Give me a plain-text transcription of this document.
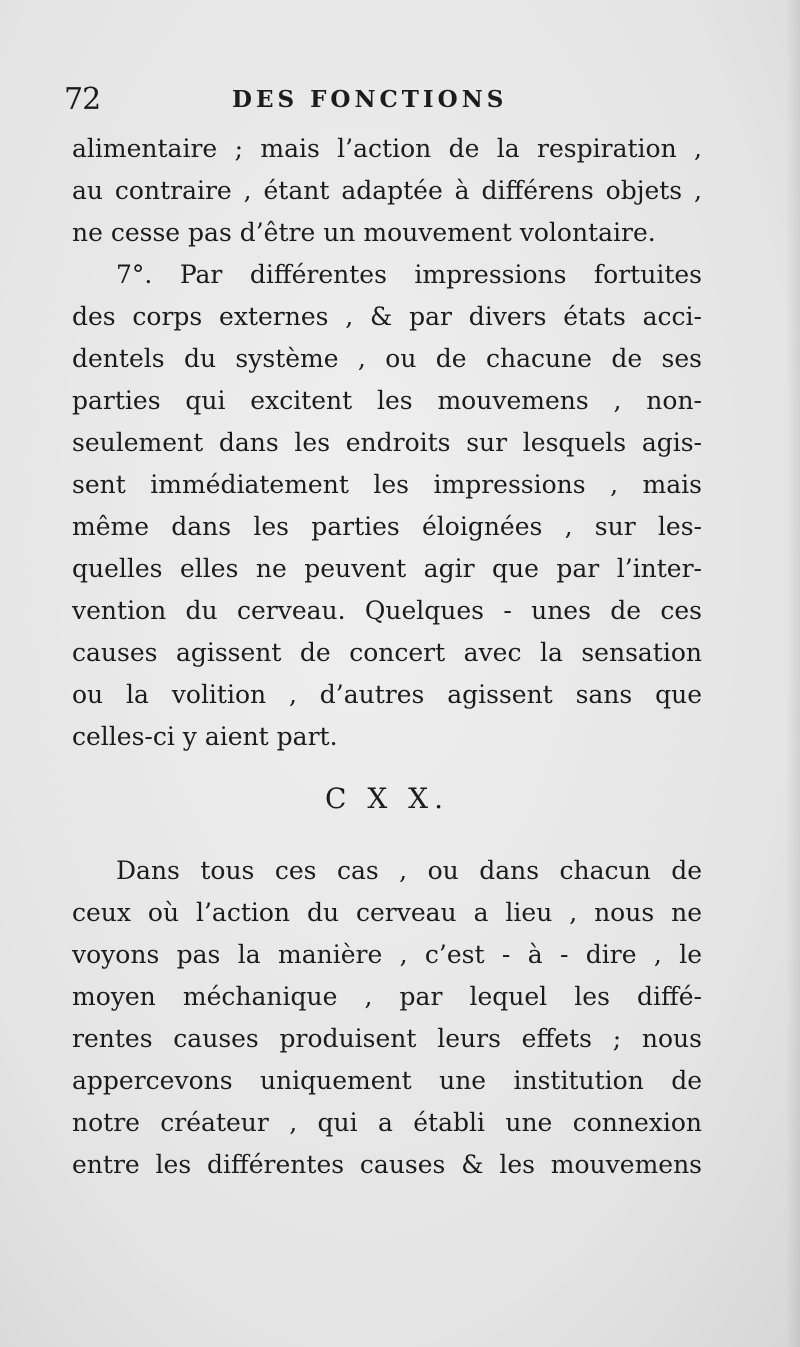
72	DES FONCTIONS
alimentaire ; mais l’action de la respiration ,
au contraire , étant adaptée à différens objets ,
ne cesse pas d’être un mouvement volontaire.
7°. Par différentes impressions fortuites
des corps externes , & par divers états acci-
dentels du système , ou de chacune de ses
parties qui excitent les mouvemens , non-
seulement dans les endroits sur lesquels agis-
sent immédiatement les impressions , mais
même dans les parties éloignées , sur les-
quelles elles ne peuvent agir que par l’inter-
vention du cerveau. Quelques - unes de ces
causes agissent de concert avec la sensation
ou la volition , d’autres agissent sans que
celles-ci y aient part.
C X X.
Dans tous ces cas , ou dans chacun de
ceux où l’action du cerveau a lieu , nous ne
voyons pas la manière , c’est - à - dire , le
moyen méchanique , par lequel les diffé-
rentes causes produisent leurs effets ; nous
appercevons uniquement une institution de
notre créateur , qui a établi une connexion
entre les différentes causes & les mouvemens
